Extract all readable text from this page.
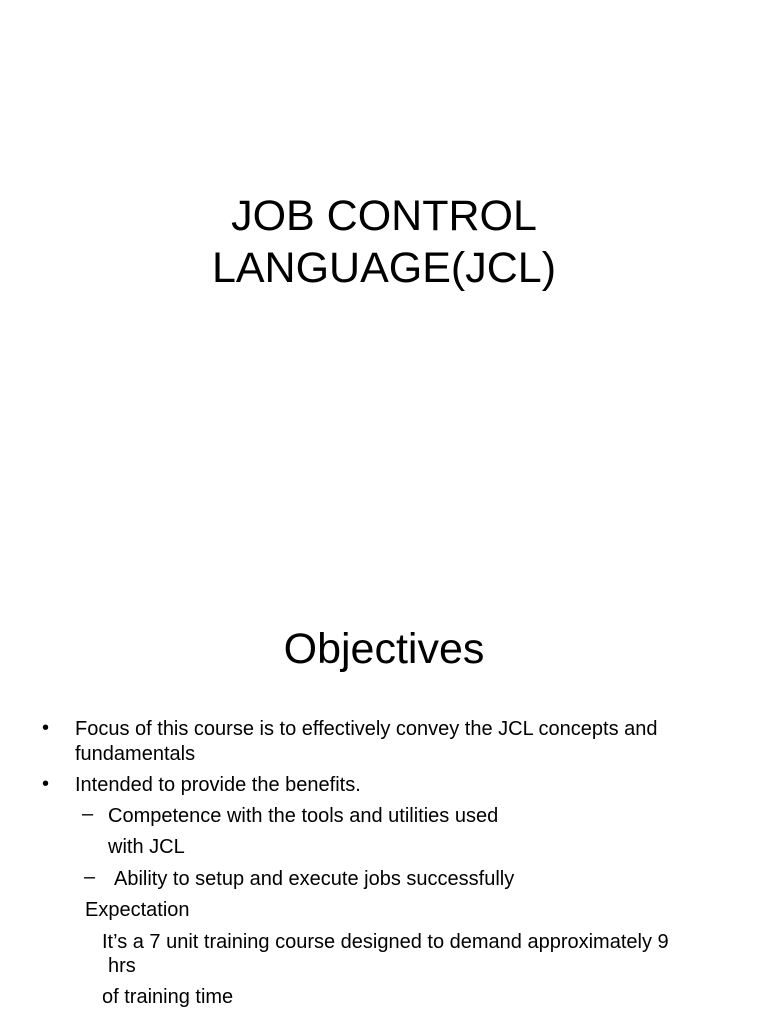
JOB CONTROL
LANGUAGE(JCL)
Objectives
• Focus of this course is to effectively convey the JCL concepts and
fundamentals
• Intended to provide the benefits.
– Competence with the tools and utilities used
with JCL
– Ability to setup and execute jobs successfully
Expectation
It’s a 7 unit training course designed to demand approximately 9
hrs
of training time
